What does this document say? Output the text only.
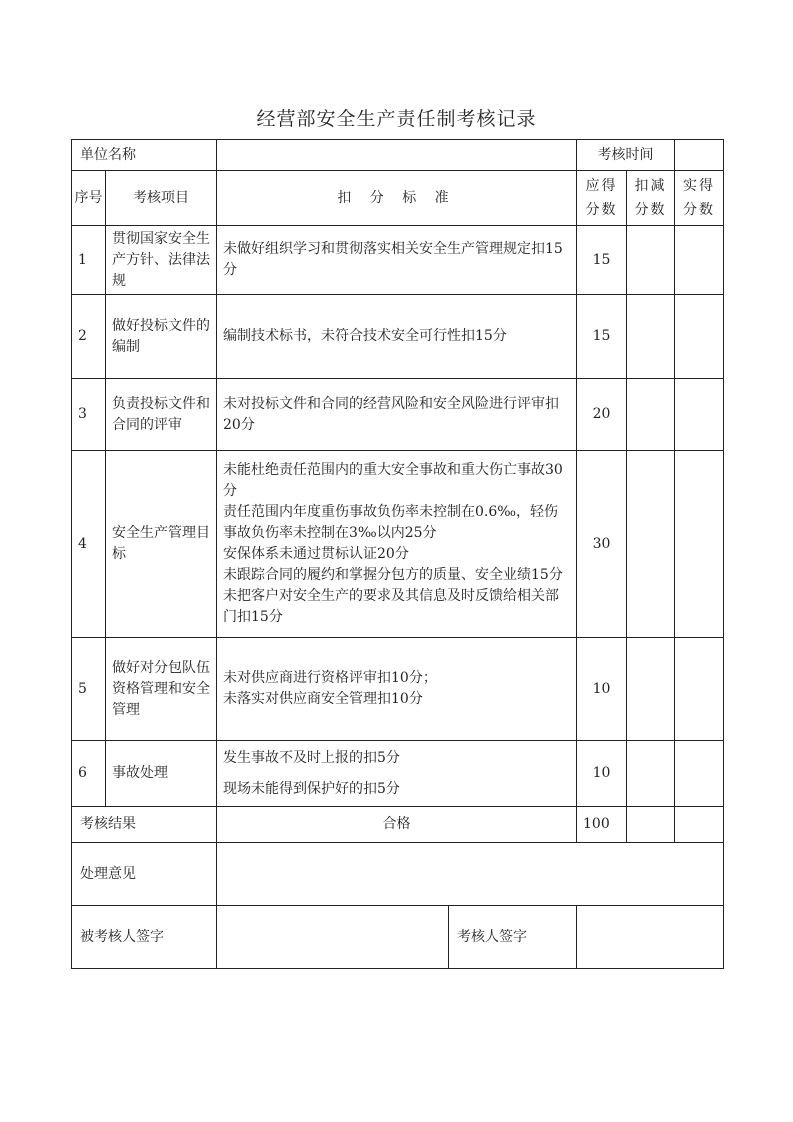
经营部安全生产责任制考核记录
单位名称				考核时间		
序号	考核项目	扣 分 标 准		应得分数	扣减分数	实得分数
1	贯彻国家安全生产方针、法律法规	未做好组织学习和贯彻落实相关安全生产管理规定扣15分		15		
2	做好投标文件的编制	编制技术标书，未符合技术安全可行性扣15分		15		
3	负责投标文件和合同的评审	未对投标文件和合同的经营风险和安全风险进行评审扣20分		20		
4	安全生产管理目标	未能杜绝责任范围内的重大安全事故和重大伤亡事故30分
责任范围内年度重伤事故负伤率未控制在0.6‰，轻伤事故负伤率未控制在3‰以内25分
安保体系未通过贯标认证20分
未跟踪合同的履约和掌握分包方的质量、安全业绩15分
未把客户对安全生产的要求及其信息及时反馈给相关部门扣15分		30		
5	做好对分包队伍资格管理和安全管理	未对供应商进行资格评审扣10分；
未落实对供应商安全管理扣10分		10		
6	事故处理	发生事故不及时上报的扣5分
现场未能得到保护好的扣5分		10		
考核结果		合格		100		
处理意见						
被考核人签字			考核人签字			
